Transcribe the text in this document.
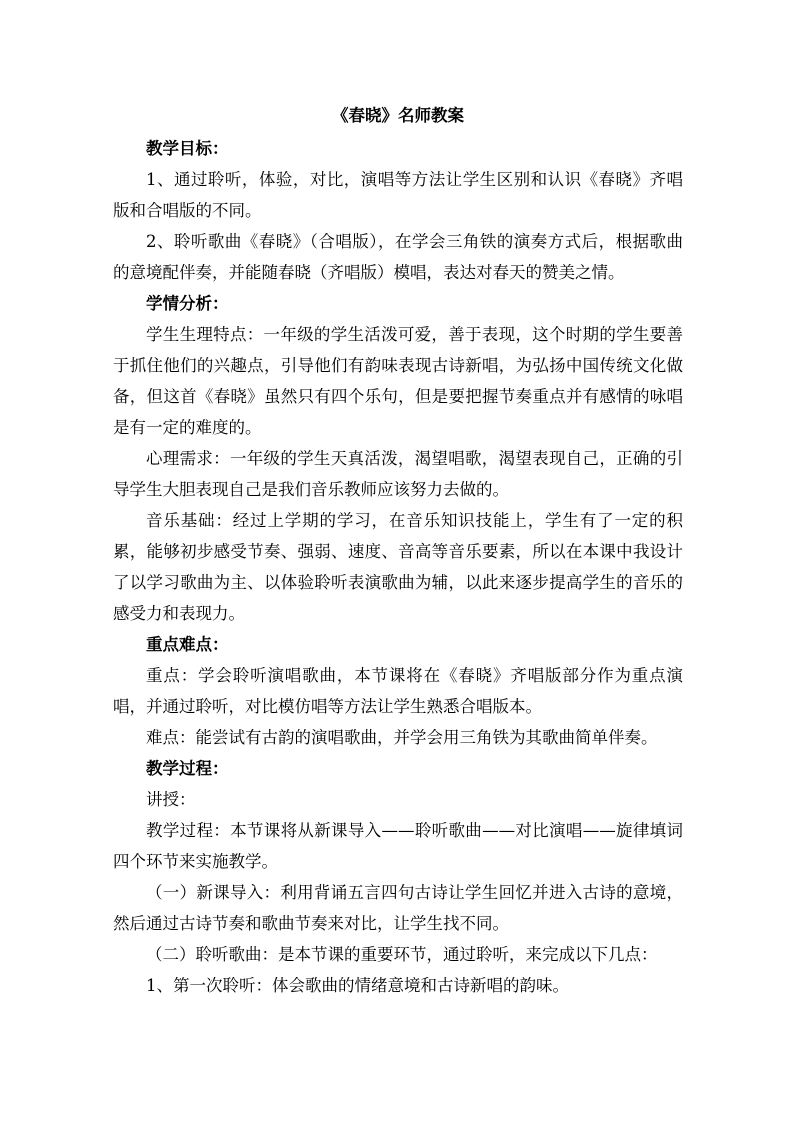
《春晓》名师教案

教学目标：

1、通过聆听，体验，对比，演唱等方法让学生区别和认识《春晓》齐唱版和合唱版的不同。

2、聆听歌曲《春晓》（合唱版），在学会三角铁的演奏方式后，根据歌曲的意境配伴奏，并能随春晓（齐唱版）模唱，表达对春天的赞美之情。

学情分析：

学生生理特点：一年级的学生活泼可爱，善于表现，这个时期的学生要善于抓住他们的兴趣点，引导他们有韵味表现古诗新唱，为弘扬中国传统文化做备，但这首《春晓》虽然只有四个乐句，但是要把握节奏重点并有感情的咏唱是有一定的难度的。

心理需求：一年级的学生天真活泼，渴望唱歌，渴望表现自己，正确的引导学生大胆表现自己是我们音乐教师应该努力去做的。

音乐基础：经过上学期的学习，在音乐知识技能上，学生有了一定的积累，能够初步感受节奏、强弱、速度、音高等音乐要素，所以在本课中我设计了以学习歌曲为主、以体验聆听表演歌曲为辅，以此来逐步提高学生的音乐的感受力和表现力。

重点难点：

重点：学会聆听演唱歌曲，本节课将在《春晓》齐唱版部分作为重点演唱，并通过聆听，对比模仿唱等方法让学生熟悉合唱版本。

难点：能尝试有古韵的演唱歌曲，并学会用三角铁为其歌曲简单伴奏。

教学过程：

讲授：

教学过程：本节课将从新课导入——聆听歌曲——对比演唱——旋律填词四个环节来实施教学。

（一）新课导入：利用背诵五言四句古诗让学生回忆并进入古诗的意境，然后通过古诗节奏和歌曲节奏来对比，让学生找不同。

（二）聆听歌曲：是本节课的重要环节，通过聆听，来完成以下几点：

1、第一次聆听：体会歌曲的情绪意境和古诗新唱的韵味。
